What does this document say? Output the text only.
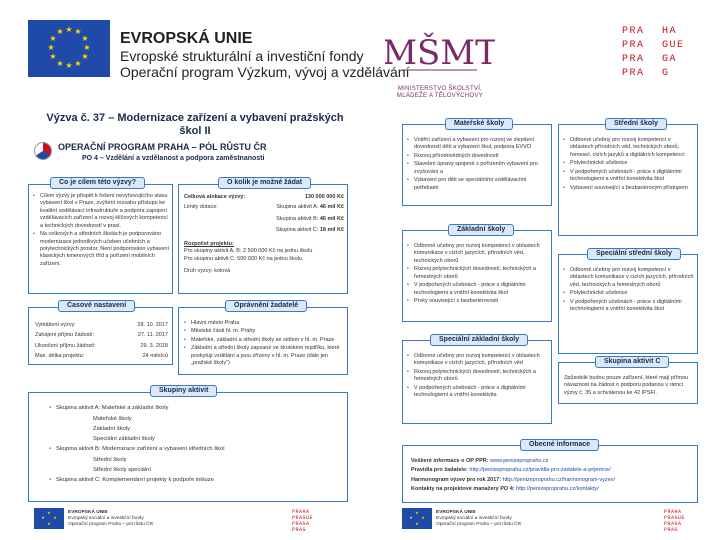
★ ★
★
★
★
★
★
★
★
★
★
★	EVROPSKÁ UNIE
Evropské strukturální a investiční fondy
Operační program Výzkum, vývoj a vzdělávání
MŠMT
MINISTERSTVO ŠKOLSTVÍ,
MLÁDEŽE A TĚLOVÝCHOVY
PRA HA
PRA GUE
PRA GA
PRA G
Výzva č. 37 – Modernizace zařízení a vybavení pražských
škol II
OPERAČNÍ PROGRAM PRAHA – PÓL RŮSTU ČR
PO 4 – Vzdělání a vzdělanost a podpora zaměstnanosti
▪ Cílem výzvy je přispět k řešení nevyhovujícího stavu vybavení škol v Praze, zvýšení rozsahu přístupu ke kvalitní vzdělávací infrastruktuře a podpora zapojení vzdělávacích zařízení a rozvoj klíčových kompetencí a technických dovedností v praxi.
▪ Na celkových a středních školách je podporováno modernizace jednotlivých učeben učebních a polytechnických prostor. Není podporováno vybavení klasických kmenových tříd a pořízení mobilních zařízení.
Co je cílem této výzvy?
Celková alokace výzvy:	130 000 000 Kč
Limity dotace:	Skupina aktivit A: 46 mil Kč
Skupina aktivit B: 46 mil Kč
Skupina aktivit C: 18 mil Kč
Rozpočet projektu:
Pro skupiny aktivit A, B: 2 500 000 Kč na jednu školu
Pro skupinu aktivit C: 500 000 Kč na jednu školu
Druh výzvy: kolová
O kolik je možné žádat
Vyhlášení výzvy:	28. 10. 2017
Zahájení příjmu žádostí:	27. 11. 2017
Ukončení příjmu žádostí:	29. 3. 2018
Max. délka projektu:	24 měsíců
Časové nastavení
▪ Hlavní město Praha
▪ Městské části hl. m. Prahy
▪ Mateřské, základní a střední školy se sídlem v hl. m. Praze
▪ Základní a střední školy zapsané ve školském rejstříku, které poskytují vzdělání a jsou zřízeny v hl. m. Praze (dále jen „pražské školy“)
Oprávnění žadatelé
▪ Skupina aktivit A: Mateřské a základní školy
Mateřské školy
Základní školy
Speciální základní školy
▪ Skupina aktivit B: Modernizace zařízení a vybavení středních škol
Střední školy
Střední školy speciální
▪ Skupina aktivit C: Komplementární projekty k podpoře inkluze
Skupiny aktivit
▪ Vnitřní zařízení a vybavení pro rozvoj ve zlepšení dovedností dětí a vybavení škol, podpora EVVO
▪ Rozvoj přírodovědných dovedností
▪ Stavební úpravy spojené s pořízením vybavení pro zvyšování a
▪ Vybavení pro děti se speciálními vzdělávacími potřebami
Mateřské školy
▪ Odborné učebny pro rozvoj kompetencí v oblastech přírodních věd, technických oborů, řemesel, cizích jazyků a digitálních kompetencí
▪ Polytechnické učebnice
▪ V podpořených učebnách - práce s digitálními technologiemi a vnitřní konektivita škol
▪ Vybavení související s bezbariérovým přístupem
Střední školy
▪ Odborné učebny pro rozvoj kompetencí v oblastech komunikace v cizích jazycích, přírodních věd, technických oborů
▪ Rozvoj polytechnických dovedností, technických a řemeslných oborů
▪ V podpořených učebnách - práce s digitálními technologiemi a vnitřní konektivita škol
▪ Prvky související s bezbariérovostí
Základní školy
▪ Odborné učebny pro rozvoj kompetencí v oblastech komunikace v cizích jazycích, přírodních věd, technických a řemeslných oborů
▪ Polytechnické učebnice
▪ V podpořených učebnách - práce s digitálními technologiemi a vnitřní konektivita škol
Speciální střední školy
▪ Odborné učebny pro rozvoj kompetencí v oblastech komunikace v cizích jazycích, přírodních věd
▪ Rozvoj polytechnických dovedností, technických a řemeslných oborů
▪ V podpořených učebnách - práce s digitálními technologiemi a vnitřní konektivita
Speciální základní školy
Způsobilé budou pouze zařízení, které mají přímou návaznost na žádost o podporu podanou v rámci výzvy č. 35 a schválenou ke 42 IPSFI.
Skupina aktivit C
Veškeré informace o OP PPR: www.penizeproprahu.cz
Pravidla pro žadatele: http://penizeproprahu.cz/pravidla-pro-zadatele-a-prijemce/
Harmonogram výzev pro rok 2017: http://penizeproprahu.cz/harmonogram-vyzev/
Kontakty na projektové manažery PO 4: http://penizeproprahu.cz/kontakty/
Obecné informace
★
★
★
★
EVROPSKÁ UNIE
Evropský sociální a investiční fondy
Operační program Praha – pól růstu ČR
PRAHA
PRAGUE
PRAGA
PRAG
★
★
★
★
EVROPSKÁ UNIE
Evropský sociální a investiční fondy
Operační program Praha – pól růstu ČR
PRAHA
PRAGUE
PRAGA
PRAG
